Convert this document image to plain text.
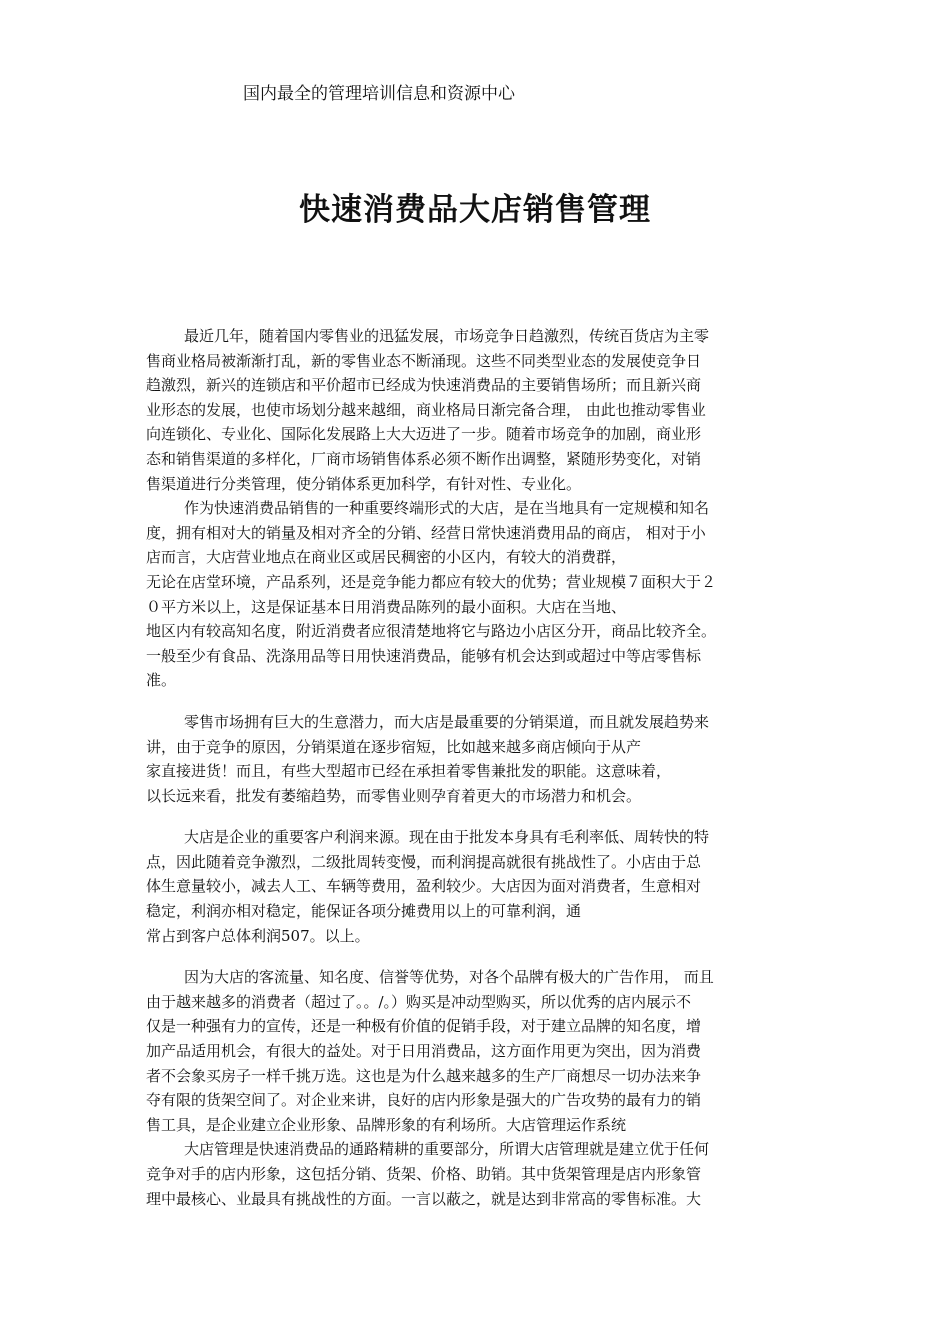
国内最全的管理培训信息和资源中心
快速消费品大店销售管理
最近几年，随着国内零售业的迅猛发展，市场竞争日趋激烈，传统百货店为主零
售商业格局被渐渐打乱，新的零售业态不断涌现。这些不同类型业态的发展使竞争日
趋激烈，新兴的连锁店和平价超市已经成为快速消费品的主要销售场所；而且新兴商
业形态的发展，也使市场划分越来越细，商业格局日渐完备合理， 由此也推动零售业
向连锁化、专业化、国际化发展路上大大迈进了一步。随着市场竞争的加剧，商业形
态和销售渠道的多样化，厂商市场销售体系必须不断作出调整，紧随形势变化，对销
售渠道进行分类管理，使分销体系更加科学，有针对性、专业化。
作为快速消费品销售的一种重要终端形式的大店，是在当地具有一定规模和知名
度，拥有相对大的销量及相对齐全的分销、经营日常快速消费用品的商店， 相对于小
店而言，大店营业地点在商业区或居民稠密的小区内，有较大的消费群，
无论在店堂环境，产品系列，还是竞争能力都应有较大的优势；营业规模７面积大于２
０平方米以上，这是保证基本日用消费品陈列的最小面积。大店在当地、
地区内有较高知名度，附近消费者应很清楚地将它与路边小店区分开，商品比较齐全。
一般至少有食品、洗涤用品等日用快速消费品，能够有机会达到或超过中等店零售标
准。
零售市场拥有巨大的生意潜力，而大店是最重要的分销渠道，而且就发展趋势来
讲，由于竞争的原因，分销渠道在逐步宿短，比如越来越多商店倾向于从产
家直接进货！而且，有些大型超市已经在承担着零售兼批发的职能。这意味着，
以长远来看，批发有萎缩趋势，而零售业则孕育着更大的市场潜力和机会。
大店是企业的重要客户利润来源。现在由于批发本身具有毛利率低、周转快的特
点，因此随着竞争激烈，二级批周转变慢，而利润提高就很有挑战性了。小店由于总
体生意量较小，减去人工、车辆等费用，盈利较少。大店因为面对消费者，生意相对
稳定，利润亦相对稳定，能保证各项分摊费用以上的可靠利润，通
常占到客户总体利润507。以上。
因为大店的客流量、知名度、信誉等优势，对各个品牌有极大的广告作用， 而且
由于越来越多的消费者（超过了。。/。）购买是冲动型购买，所以优秀的店内展示不
仅是一种强有力的宣传，还是一种极有价值的促销手段，对于建立品牌的知名度，增
加产品适用机会，有很大的益处。对于日用消费品，这方面作用更为突出，因为消费
者不会象买房子一样千挑万选。这也是为什么越来越多的生产厂商想尽一切办法来争
夺有限的货架空间了。对企业来讲，良好的店内形象是强大的广告攻势的最有力的销
售工具，是企业建立企业形象、品牌形象的有利场所。大店管理运作系统
大店管理是快速消费品的通路精耕的重要部分，所谓大店管理就是建立优于任何
竞争对手的店内形象，这包括分销、货架、价格、助销。其中货架管理是店内形象管
理中最核心、业最具有挑战性的方面。一言以蔽之，就是达到非常高的零售标准。大
